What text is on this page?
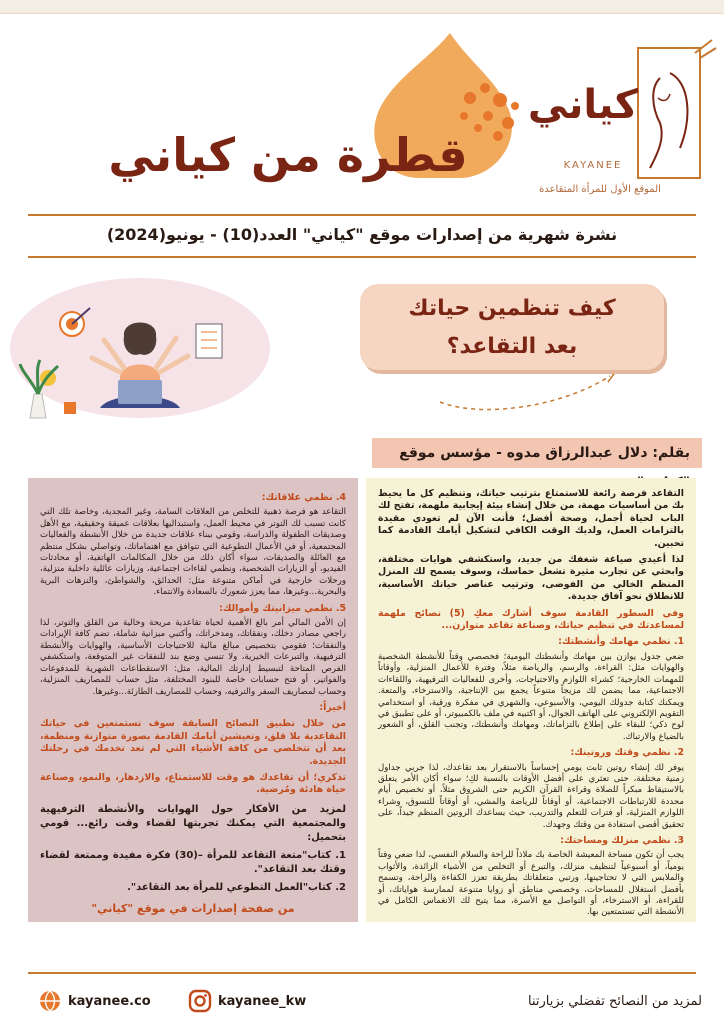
كياني
KAYANEE
الموقع الأول للمرأة المتقاعدة
قطرة من كياني
نشرة شهرية من إصدارات موقع "كياني" العدد(10) - يونيو(2024)
كيف تنظمين حياتك
بعد التقاعد؟
بقلم: دلال عبدالرزاق مدوه - مؤسس موقع

التقاعد فرصة رائعة للاستمتاع بترتيب حياتك، وتنظيم كل ما يحيط بك من أساسيات مهمة، من خلال إنشاء بيئة إيجابية ملهمة، تفتح لك الباب لحياة أجمل، وصحة أفضل؛ فأنت الآن لم تعودي مقيدة بالتزامات العمل، ولديك الوقت الكافي لتشكيل أيامك القادمة كما تحبين.

لذا أعيدي صياغة شغفك من جديد، واستكشفي هوايات مختلفة، وابحثي عن تجارب مثيرة تشعل حماسك، وسوف يسمح لك المنزل المنظم الخالي من الفوضى، وترتيب عناصر حياتك الأساسية، للانطلاق نحو آفاق جديدة.

وفي السطور القادمة سوف أشارك معكِ (5) نصائح ملهمة لمساعدتك في تنظيم حياتك، وصناعة تقاعد متوازن...

1. نظمي مهامك وأنشطتك:

ضعي جدول يوازن بين مهامك وأنشطتك اليومية؛ فخصصي وقتاً للأنشطة الشخصية والهوايات مثل: القراءة، والرسم، والرياضة مثلاً، وفترة للأعمال المنزلية، وأوقاتاً للمهمات الخارجية؛ كشراء اللوازم والاحتياجات، وأخرى للفعاليات الترفيهية، واللقاءات الاجتماعية، مما يضمن لك مزيجاً متنوعاً يجمع بين الإنتاجية، والاسترخاء، والمتعة. ويمكنك كتابة جدولك اليومي، والأسبوعي، والشهري في مفكرة ورقية، أو استخدامي التقويم الإلكتروني على الهاتف الجوال، أو اكتبيه في ملف بالكمبيوتر، أو على تطبيق في لوح ذكي؛ للبقاء على إطلاع بالتزاماتك، ومهامك وأنشطتك، وتجنب القلق، أو الشعور بالضياع والارتباك.

2. نظمي وقتك وروتينك:

يوفر لك إنشاء روتين ثابت يومي إحساساً بالاستقرار بعد تقاعدك، لذا جربي جداول زمنية مختلفة، حتى تعثري على أفضل الأوقات بالنسبة لكِ؛ سواء أكان الأمر يتعلق بالاستيقاظ مبكراً للصلاة وقراءة القرآن الكريم حتى الشروق مثلاً، أو تخصيص أيام محددة للارتباطات الاجتماعية، أو أوقاتاً للرياضة والمشي، أو أوقاتاً للتسوق، وشراء اللوازم المنزلية، أو فترات للتعلم والتدريب، حيث يساعدك الروتين المنظم جيداً، على تحقيق أقصى استفادة من وقتك وجهدك.

3. نظمي منزلك ومساحتك:

يجب أن تكون مساحة المعيشة الخاصة بك ملاذاً للراحة والسلام النفسي، لذا ضعي وقتاً يومياً، أو أسبوعياً لتنظيف منزلك، والتبرع أو التخلص من الأشياء الزائدة، والأثواب والملابس التي لا تحتاجينها، ورتبي متعلقاتك بطريقة تعزز الكفاءة والراحة، وتسمح بأفضل استغلال للمساحات، وخصصي مناطق أو زوايا متنوعة لممارسة هواياتك، أو للقراءة، أو الاسترخاء، أو التواصل مع الأسرة، مما يتيح لك الانغماس الكامل في الأنشطة التي تستمتعين بها.

4. نظمي علاقاتك:

التقاعد هو فرصة ذهبية للتخلص من العلاقات السامة، وغير المجدية، وخاصة تلك التي كانت تسبب لك التوتر في محيط العمل، واستبداليها بعلاقات عميقة وحقيقية، مع الأهل وصديقات الطفولة والدراسة، وقومي ببناء علاقات جديدة من خلال الأنشطة والفعاليات المجتمعية، أو في الأعمال التطوعية التي تتوافق مع اهتماماتك، وتواصلي بشكل منتظم مع العائلة والصديقات، سواء أكان ذلك من خلال المكالمات الهاتفية، أو محادثات الفيديو، أو الزيارات الشخصية، ونظمي لقاءات اجتماعية، وزيارات عائلية داخلية منزلية، ورحلات خارجية في أماكن متنوعة مثل: الحدائق، والشواطئ، والنزهات البرية والبحرية...وغيرها، مما يعزز شعورك بالسعادة والانتماء.

5. نظمي ميزانيتك وأموالك:

إن الأمن المالي أمر بالغ الأهمية لحياة تقاعدية مريحة وخالية من القلق والتوتر، لذا راجعي مصادر دخلك، ونفقاتك، ومدخراتك، وأكتبي ميزانية شاملة، تضم كافة الإيرادات والنفقات؛ فقومي بتخصيص مبالغ مالية للاحتياجات الأساسية، والهوايات والأنشطة الترفيهية، والتبرعات الخيرية، ولا تنسي وضع بند للنفقات غير المتوقعة، واستكشفي الفرص المتاحة لتبسيط إدارتك المالية، مثل: الاستقطاعات الشهرية للمدفوعات والفواتير، أو فتح حسابات خاصة للبنود المختلفة، مثل حساب للمصاريف المنزلية، وحساب لمصاريف السفر والترفيه، وحساب للمصاريف الطارئة...وغيرها.

أخيراً:

من خلال تطبيق النصائح السابقة سوف تستمتعين في حياتك التقاعدية بلا قلق، وتعيشين أيامك القادمة بصورة متوازنة ومنظمة، بعد أن تتخلصي من كافة الأشياء التي لم تعد تخدمك في رحلتك الجديدة.

تذكري؛ أن تقاعدك هو وقت للاستمتاع، والازدهار، والنمو، وصناعة حياة هادئة ومُرضية.

لمزيد من الأفكار حول الهوايات والأنشطة الترفيهية والمجتمعية التي يمكنك تجربتها لقضاء وقت رائع... قومي بتحميل:

1. كتاب"متعة التقاعد للمرأة –(30) فكرة مفيدة وممتعة لقضاء وقتك بعد التقاعد".

2. كتاب"العمل التطوعي للمرأة بعد التقاعد".

من صفحة إصدارات في موقع "كياني"

لمزيد من النصائح تفضلي بزيارتنا
kayanee_kw
kayanee.co
